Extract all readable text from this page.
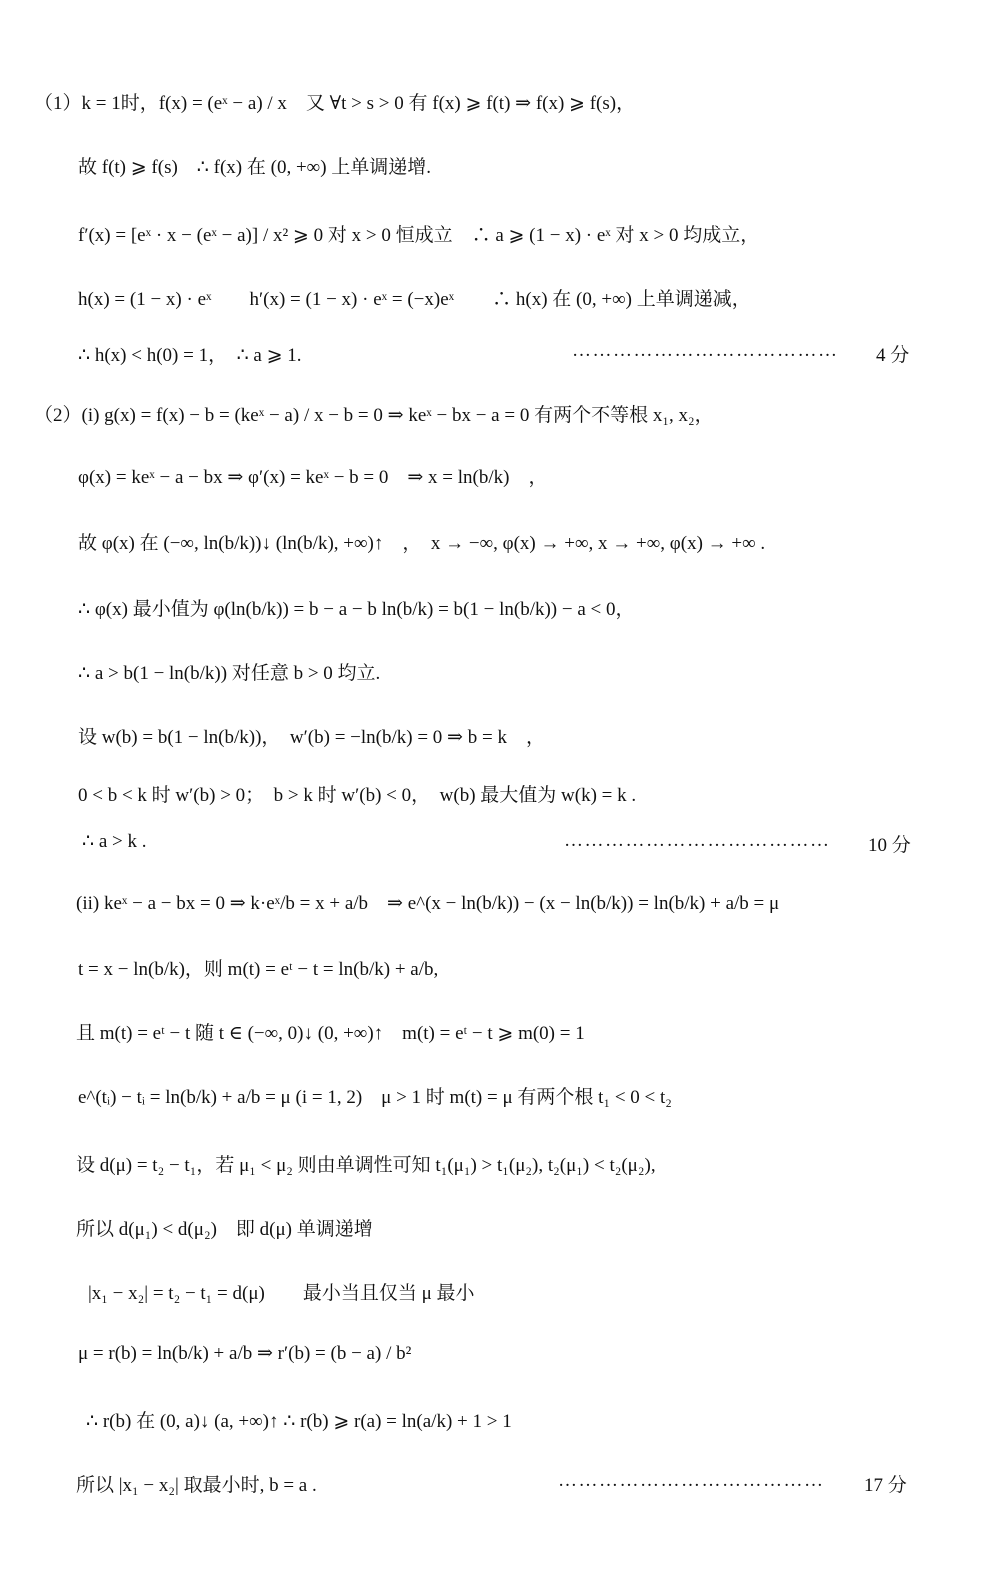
（1）k = 1时，f(x) = (eˣ − a) / x　又 ∀t > s > 0 有 f(x) ⩾ f(t) ⇒ f(x) ⩾ f(s)，
故 f(t) ⩾ f(s)　∴ f(x) 在 (0, +∞) 上单调递增.
f′(x) = [eˣ · x − (eˣ − a)] / x² ⩾ 0 对 x > 0 恒成立　∴ a ⩾ (1 − x) · eˣ 对 x > 0 均成立，
h(x) = (1 − x) · eˣ　　h′(x) = (1 − x) · eˣ = (−x)eˣ　　∴ h(x) 在 (0, +∞) 上单调递减，
∴ h(x) < h(0) = 1，　∴ a ⩾ 1.	………………………………… 4 分
（2）(i) g(x) = f(x) − b = (keˣ − a) / x − b = 0 ⇒ keˣ − bx − a = 0 有两个不等根 x₁, x₂，
φ(x) = keˣ − a − bx ⇒ φ′(x) = keˣ − b = 0　⇒ x = ln(b/k)　，
故 φ(x) 在 (−∞, ln(b/k))↓ (ln(b/k), +∞)↑　，　x → −∞, φ(x) → +∞, x → +∞, φ(x) → +∞ .
∴ φ(x) 最小值为 φ(ln(b/k)) = b − a − b ln(b/k) = b(1 − ln(b/k)) − a < 0，
∴ a > b(1 − ln(b/k)) 对任意 b > 0 均立.
设 w(b) = b(1 − ln(b/k))，　w′(b) = −ln(b/k) = 0 ⇒ b = k　，
0 < b < k 时 w′(b) > 0；　b > k 时 w′(b) < 0，　w(b) 最大值为 w(k) = k .
∴ a > k .	………………………………… 10 分
(ii) keˣ − a − bx = 0 ⇒ k·eˣ/b = x + a/b　⇒ e^(x − ln(b/k)) − (x − ln(b/k)) = ln(b/k) + a/b = μ
t = x − ln(b/k)，则 m(t) = eᵗ − t = ln(b/k) + a/b,
且 m(t) = eᵗ − t 随 t ∈ (−∞, 0)↓ (0, +∞)↑　m(t) = eᵗ − t ⩾ m(0) = 1
e^(tᵢ) − tᵢ = ln(b/k) + a/b = μ (i = 1, 2)　μ > 1 时 m(t) = μ 有两个根 t₁ < 0 < t₂
设 d(μ) = t₂ − t₁，若 μ₁ < μ₂ 则由单调性可知 t₁(μ₁) > t₁(μ₂), t₂(μ₁) < t₂(μ₂),
所以 d(μ₁) < d(μ₂)　即 d(μ) 单调递增
|x₁ − x₂| = t₂ − t₁ = d(μ)　　最小当且仅当 μ 最小
μ = r(b) = ln(b/k) + a/b ⇒ r′(b) = (b − a) / b²
∴ r(b) 在 (0, a)↓ (a, +∞)↑ ∴ r(b) ⩾ r(a) = ln(a/k) + 1 > 1
所以 |x₁ − x₂| 取最小时, b = a .	………………………………… 17 分
